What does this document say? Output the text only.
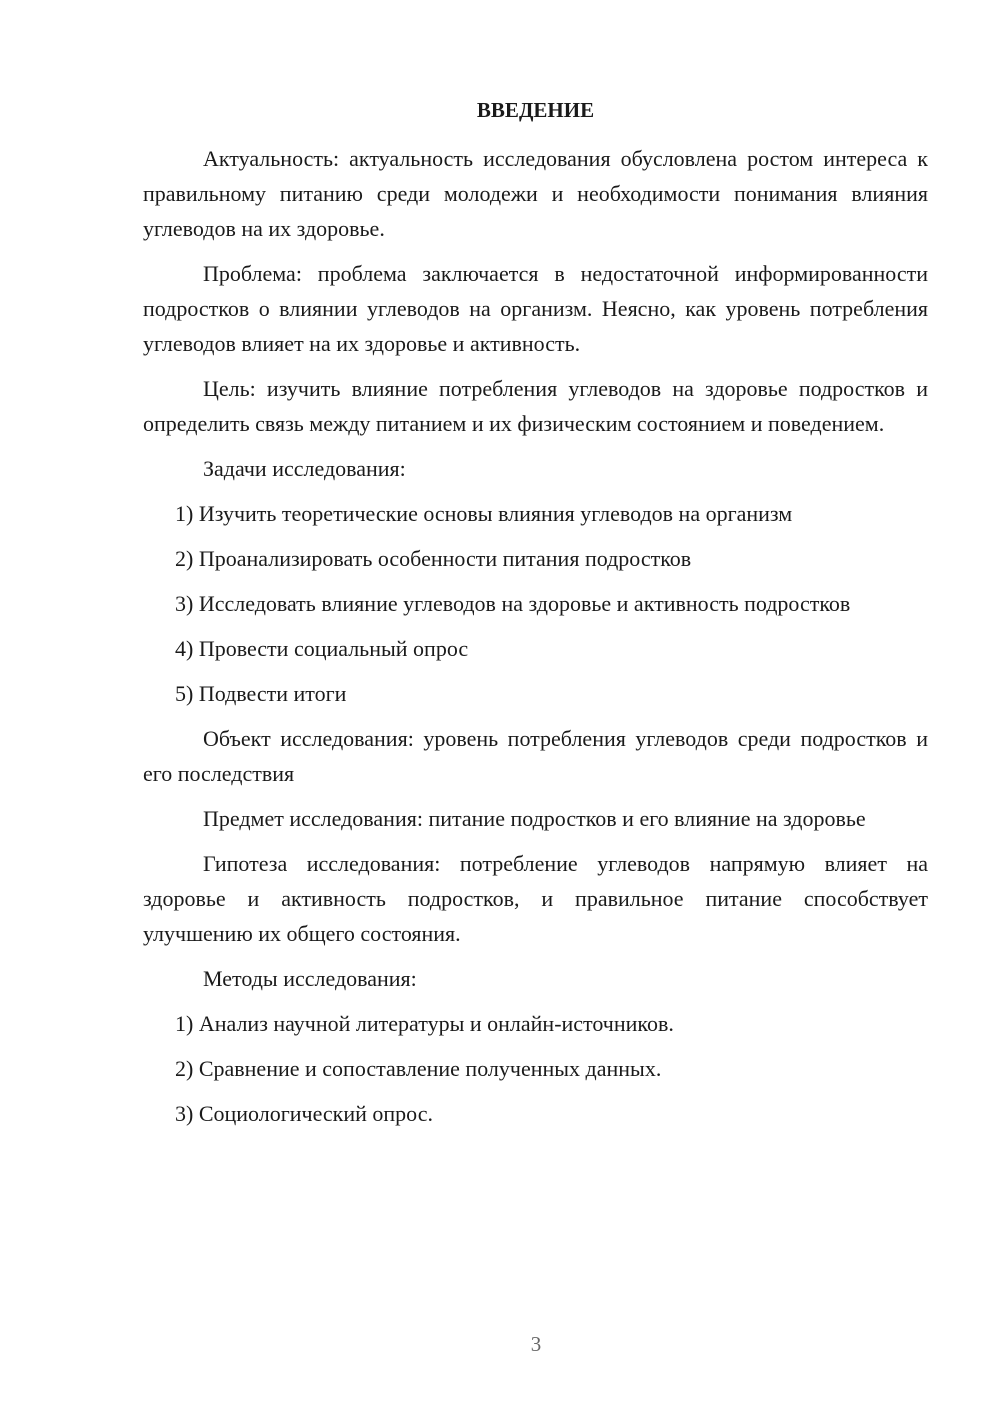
ВВЕДЕНИЕ

Актуальность: актуальность исследования обусловлена ростом интереса к правильному питанию среди молодежи и необходимости понимания влияния углеводов на их здоровье.

Проблема: проблема заключается в недостаточной информированности подростков о влиянии углеводов на организм. Неясно, как уровень потребления углеводов влияет на их здоровье и активность.

Цель: изучить влияние потребления углеводов на здоровье подростков и определить связь между питанием и их физическим состоянием и поведением.

Задачи исследования:

1) Изучить теоретические основы влияния углеводов на организм

2) Проанализировать особенности питания подростков

3) Исследовать влияние углеводов на здоровье и активность подростков

4) Провести социальный опрос

5) Подвести итоги

Объект исследования: уровень потребления углеводов среди подростков и его последствия

Предмет исследования: питание подростков и его влияние на здоровье

Гипотеза исследования: потребление углеводов напрямую влияет на здоровье и активность подростков, и правильное питание способствует улучшению их общего состояния.

Методы исследования:

1) Анализ научной литературы и онлайн-источников.

2) Сравнение и сопоставление полученных данных.

3) Социологический опрос.

3
